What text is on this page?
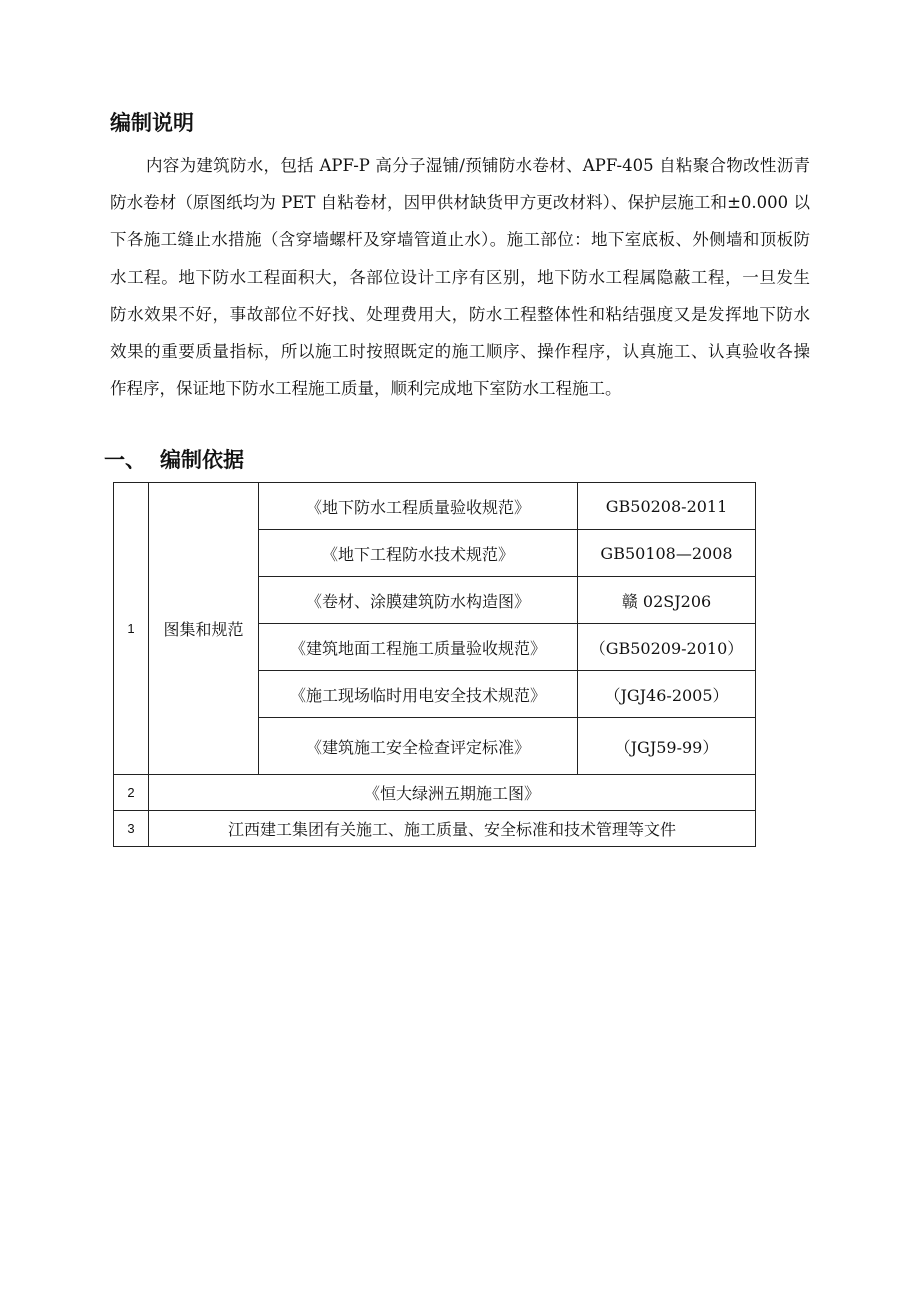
编制说明
内容为建筑防水，包括 APF-P 高分子湿铺/预铺防水卷材、APF-405 自粘聚合物改性沥青
防水卷材（原图纸均为 PET 自粘卷材，因甲供材缺货甲方更改材料）、保护层施工和±0.000 以
下各施工缝止水措施（含穿墙螺杆及穿墙管道止水）。施工部位：地下室底板、外侧墙和顶板防
水工程。地下防水工程面积大，各部位设计工序有区别，地下防水工程属隐蔽工程，一旦发生
防水效果不好，事故部位不好找、处理费用大，防水工程整体性和粘结强度又是发挥地下防水
效果的重要质量指标，所以施工时按照既定的施工顺序、操作程序，认真施工、认真验收各操
作程序，保证地下防水工程施工质量，顺利完成地下室防水工程施工。
一、 编制依据
1	图集和规范	《地下防水工程质量验收规范》	GB50208-2011
		《地下工程防水技术规范》	GB50108—2008
		《卷材、涂膜建筑防水构造图》	赣 02SJ206
		《建筑地面工程施工质量验收规范》	（GB50209-2010）
		《施工现场临时用电安全技术规范》	（JGJ46-2005）
		《建筑施工安全检查评定标准》	（JGJ59-99）
2	《恒大绿洲五期施工图》		
3	江西建工集团有关施工、施工质量、安全标准和技术管理等文件		
